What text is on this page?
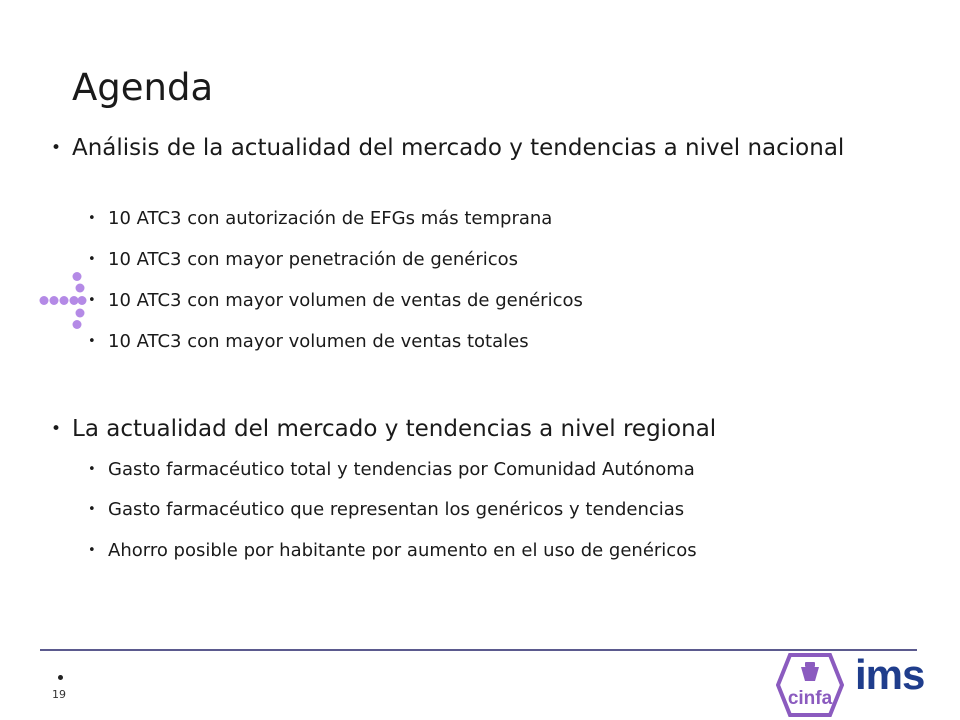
Agenda
• Análisis de la actualidad del mercado y tendencias a nivel nacional
• 10 ATC3 con autorización de EFGs más temprana
• 10 ATC3 con mayor penetración de genéricos
• 10 ATC3 con mayor volumen de ventas de genéricos
• 10 ATC3 con mayor volumen de ventas totales
• La actualidad del mercado y tendencias a nivel regional
• Gasto farmacéutico total y tendencias por Comunidad Autónoma
• Gasto farmacéutico que representan los genéricos y tendencias
• Ahorro posible por habitante por aumento en el uso de genéricos
19	cinfa
ims
